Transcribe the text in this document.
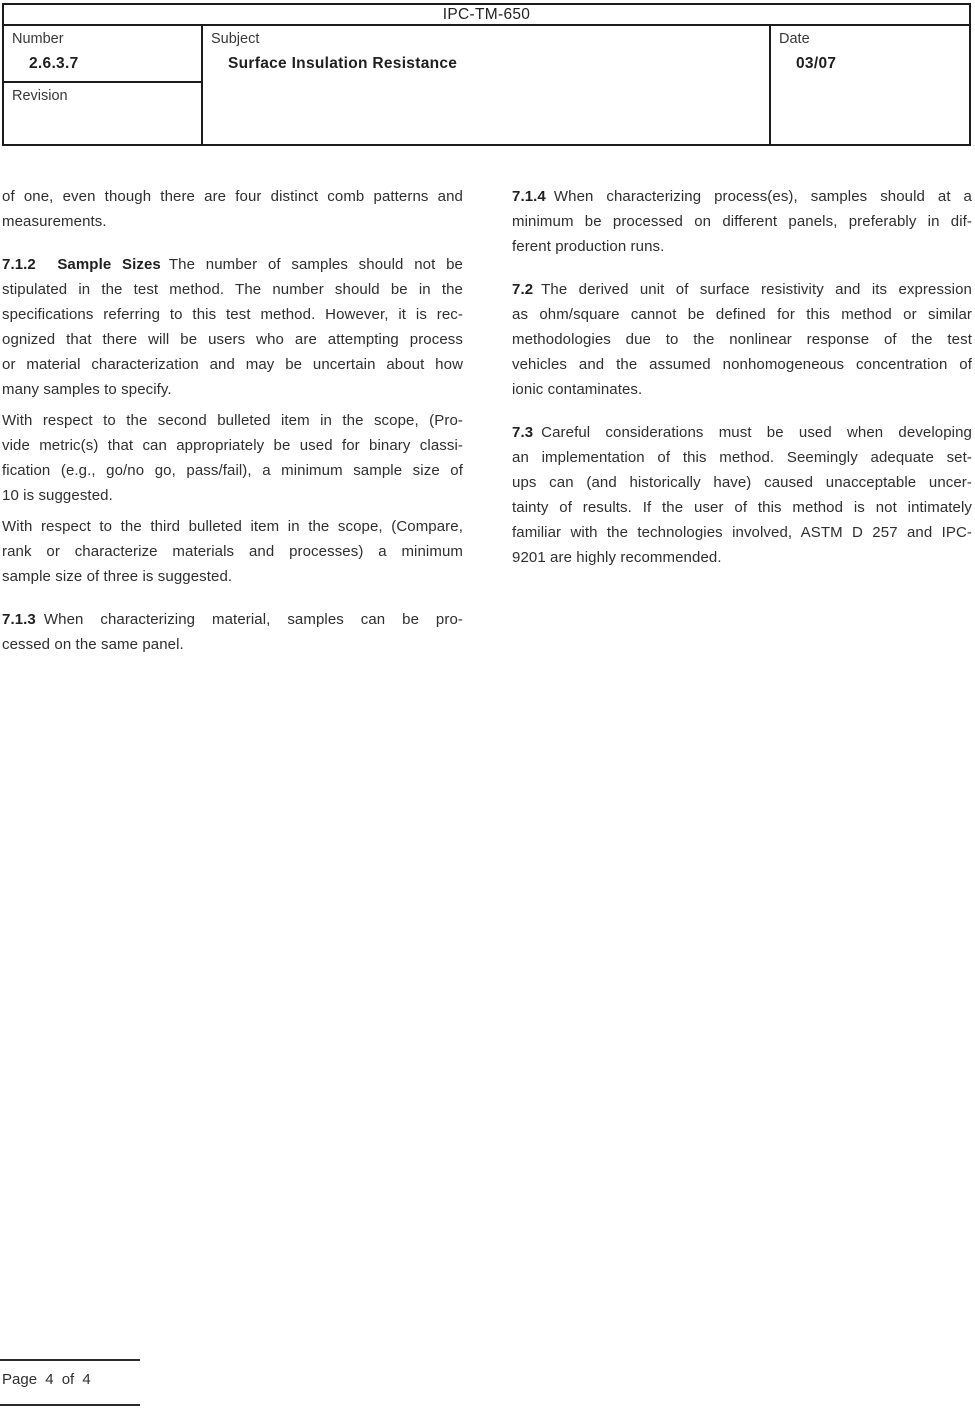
IPC-TM-650
Number
2.6.3.7
Revision
Subject
Surface Insulation Resistance
Date
03/07
of one, even though there are four distinct comb patterns and
measurements.
7.1.2  Sample Sizes The number of samples should not be
stipulated in the test method. The number should be in the
specifications referring to this test method. However, it is rec-
ognized that there will be users who are attempting process
or material characterization and may be uncertain about how
many samples to specify.
With respect to the second bulleted item in the scope, (Pro-
vide metric(s) that can appropriately be used for binary classi-
fication (e.g., go/no go, pass/fail), a minimum sample size of
10 is suggested.
With respect to the third bulleted item in the scope, (Compare,
rank or characterize materials and processes) a minimum
sample size of three is suggested.
7.1.3 When characterizing material, samples can be pro-
cessed on the same panel.
7.1.4 When characterizing process(es), samples should at a
minimum be processed on different panels, preferably in dif-
ferent production runs.
7.2 The derived unit of surface resistivity and its expression
as ohm/square cannot be defined for this method or similar
methodologies due to the nonlinear response of the test
vehicles and the assumed nonhomogeneous concentration of
ionic contaminates.
7.3 Careful considerations must be used when developing
an implementation of this method. Seemingly adequate set-
ups can (and historically have) caused unacceptable uncer-
tainty of results. If the user of this method is not intimately
familiar with the technologies involved, ASTM D 257 and IPC-
9201 are highly recommended.
Page 4 of 4
